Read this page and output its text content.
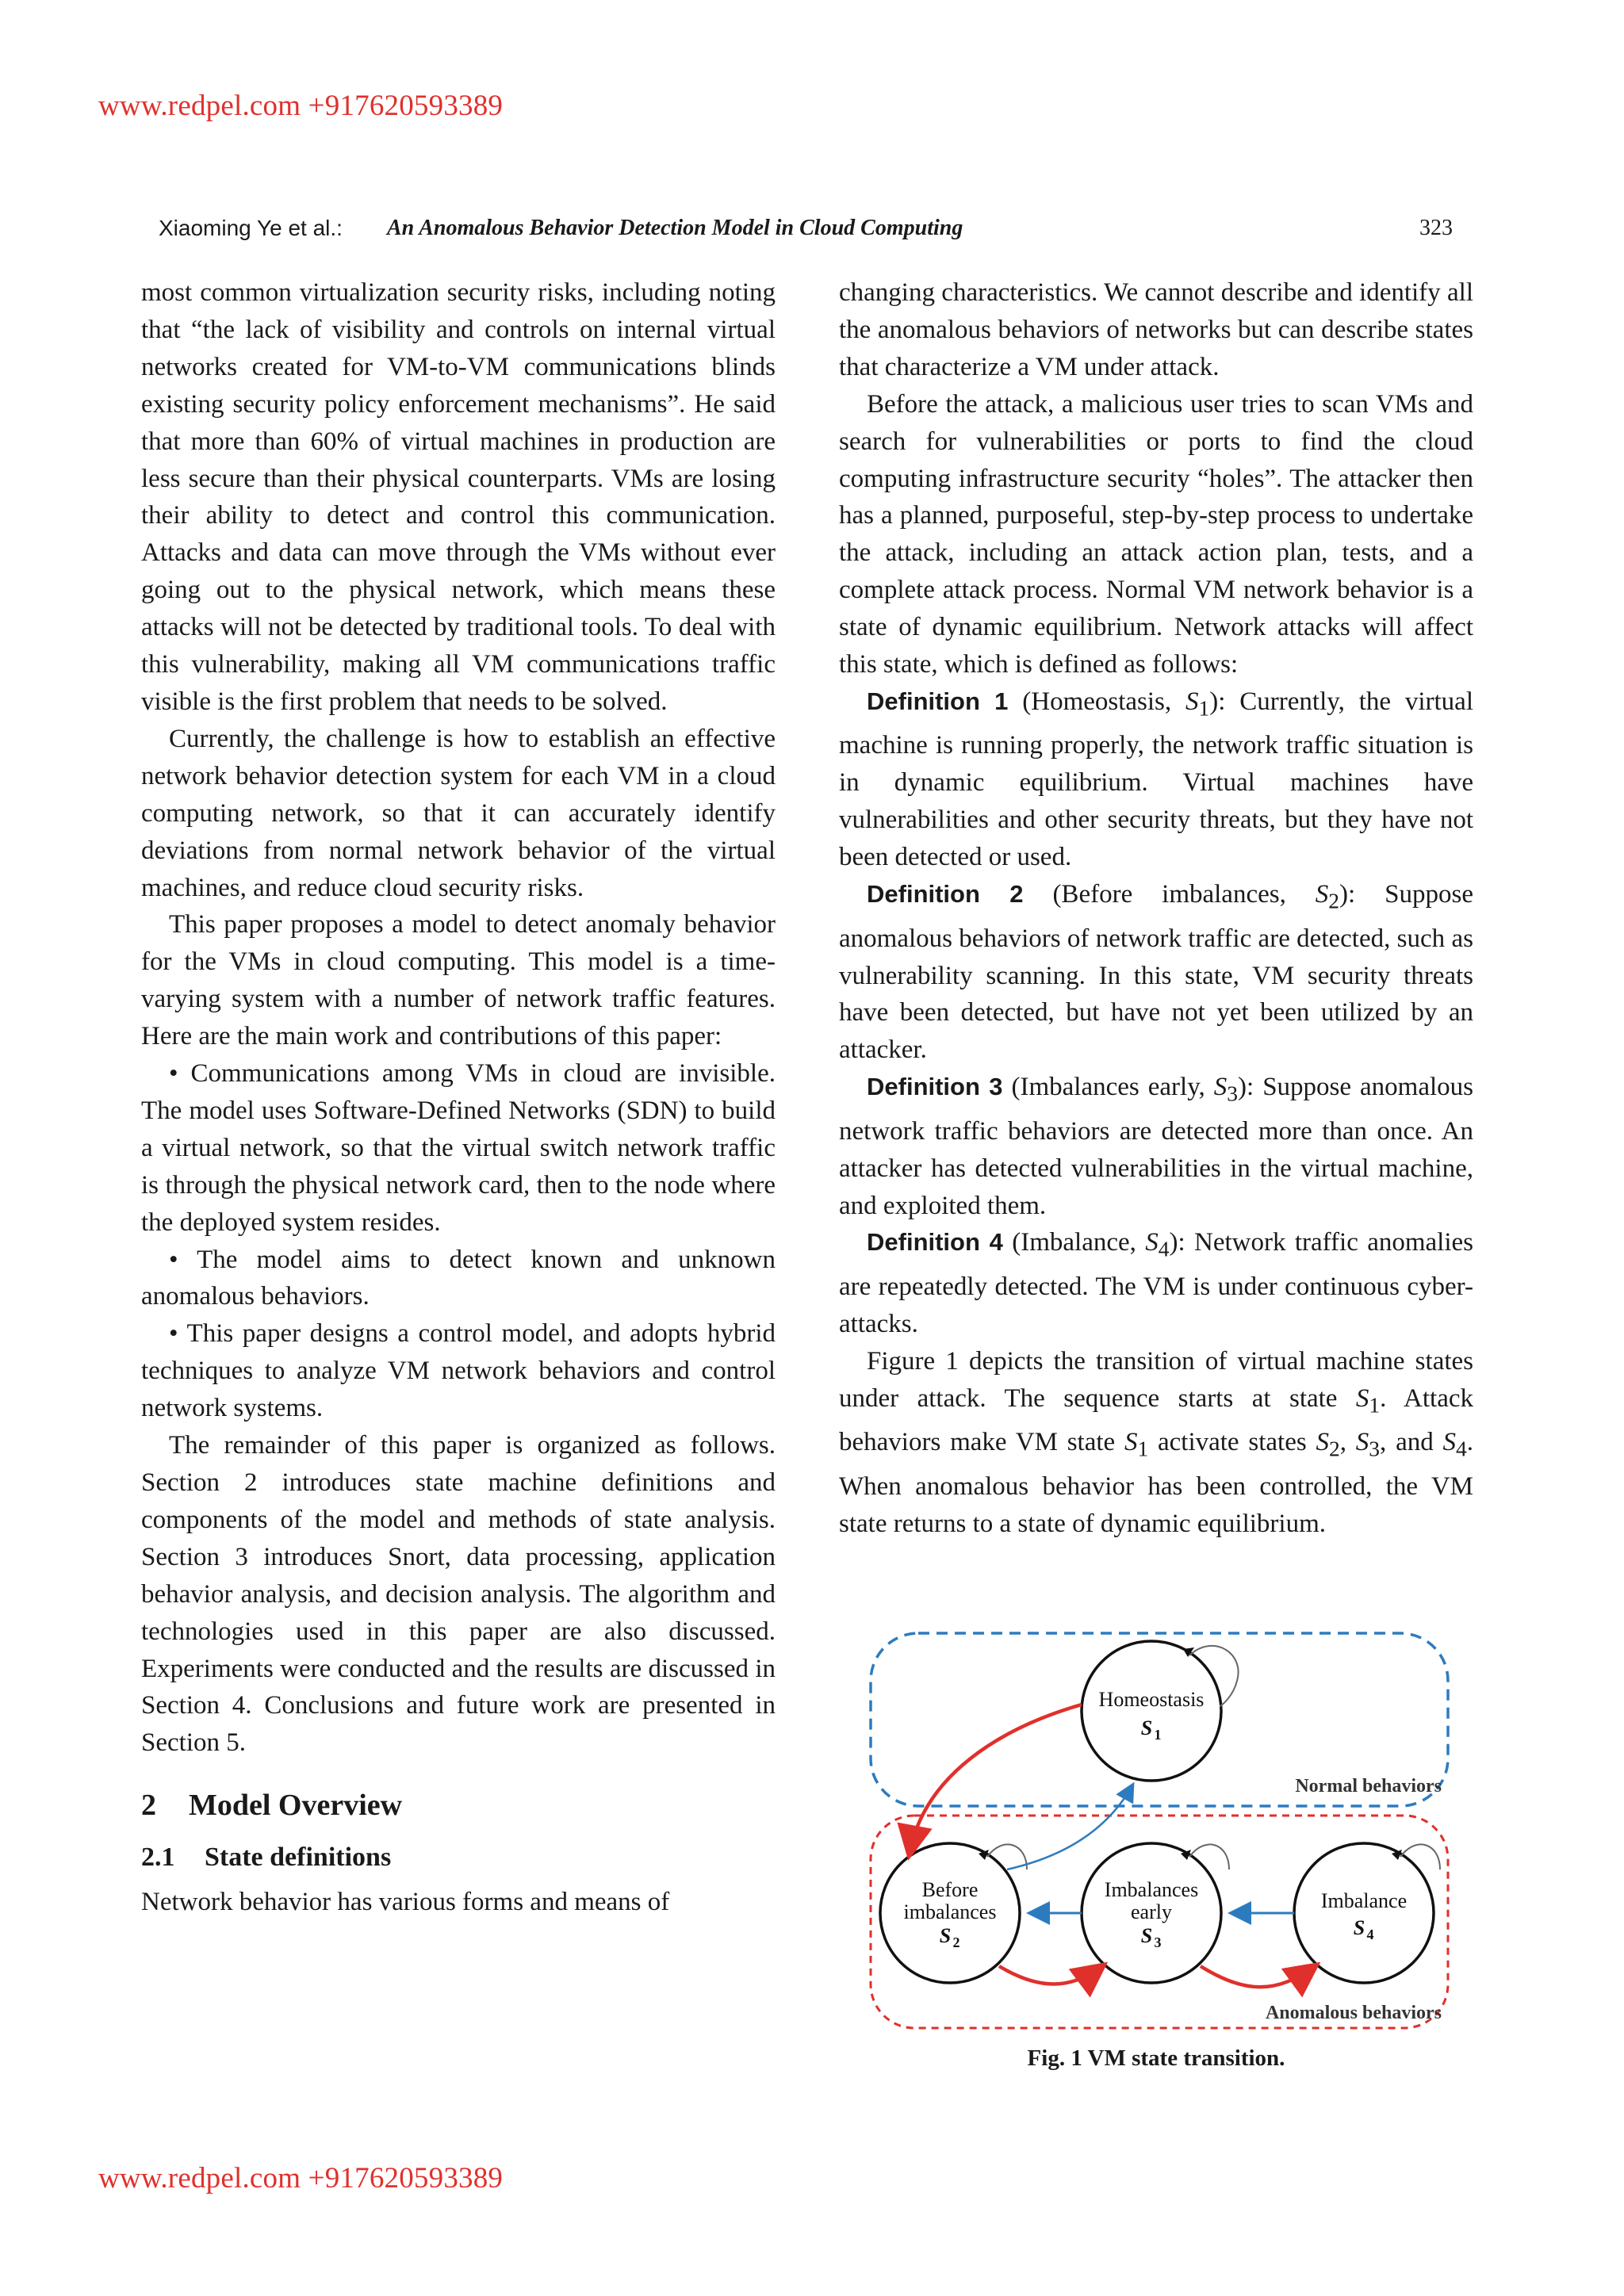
www.redpel.com +917620593389
Xiaoming Ye et al.: An Anomalous Behavior Detection Model in Cloud Computing	323

most common virtualization security risks, including noting that “the lack of visibility and controls on internal virtual networks created for VM-to-VM communications blinds existing security policy enforcement mechanisms”. He said that more than 60% of virtual machines in production are less secure than their physical counterparts. VMs are losing their ability to detect and control this communication. Attacks and data can move through the VMs without ever going out to the physical network, which means these attacks will not be detected by traditional tools. To deal with this vulnerability, making all VM communications traffic visible is the first problem that needs to be solved.

Currently, the challenge is how to establish an effective network behavior detection system for each VM in a cloud computing network, so that it can accurately identify deviations from normal network behavior of the virtual machines, and reduce cloud security risks.

This paper proposes a model to detect anomaly behavior for the VMs in cloud computing. This model is a time-varying system with a number of network traffic features. Here are the main work and contributions of this paper:

• Communications among VMs in cloud are invisible. The model uses Software-Defined Networks (SDN) to build a virtual network, so that the virtual switch network traffic is through the physical network card, then to the node where the deployed system resides.

• The model aims to detect known and unknown anomalous behaviors.

• This paper designs a control model, and adopts hybrid techniques to analyze VM network behaviors and control network systems.

The remainder of this paper is organized as follows. Section 2 introduces state machine definitions and components of the model and methods of state analysis. Section 3 introduces Snort, data processing, application behavior analysis, and decision analysis. The algorithm and technologies used in this paper are also discussed. Experiments were conducted and the results are discussed in Section 4. Conclusions and future work are presented in Section 5.

2 Model Overview
2.1 State definitions

Network behavior has various forms and means of

changing characteristics. We cannot describe and identify all the anomalous behaviors of networks but can describe states that characterize a VM under attack.

Before the attack, a malicious user tries to scan VMs and search for vulnerabilities or ports to find the cloud computing infrastructure security “holes”. The attacker then has a planned, purposeful, step-by-step process to undertake the attack, including an attack action plan, tests, and a complete attack process. Normal VM network behavior is a state of dynamic equilibrium. Network attacks will affect this state, which is defined as follows:

Definition 1 (Homeostasis, $S_1$): Currently, the virtual machine is running properly, the network traffic situation is in dynamic equilibrium. Virtual machines have vulnerabilities and other security threats, but they have not been detected or used.

Definition 2 (Before imbalances, $S_2$): Suppose anomalous behaviors of network traffic are detected, such as vulnerability scanning. In this state, VM security threats have been detected, but have not yet been utilized by an attacker.

Definition 3 (Imbalances early, $S_3$): Suppose anomalous network traffic behaviors are detected more than once. An attacker has detected vulnerabilities in the virtual machine, and exploited them.

Definition 4 (Imbalance, $S_4$): Network traffic anomalies are repeatedly detected. The VM is under continuous cyber-attacks.

Figure 1 depicts the transition of virtual machine states under attack. The sequence starts at state $S_1$. Attack behaviors make VM state $S_1$ activate states $S_2$, $S_3$, and $S_4$. When anomalous behavior has been controlled, the VM state returns to a state of dynamic equilibrium.

Homeostasis
S 1
Before
imbalances
S 2
Imbalances
early
S 3
Imbalance
S 4
Normal behaviors
Anomalous behaviors
Fig. 1 VM state transition.
www.redpel.com +917620593389
